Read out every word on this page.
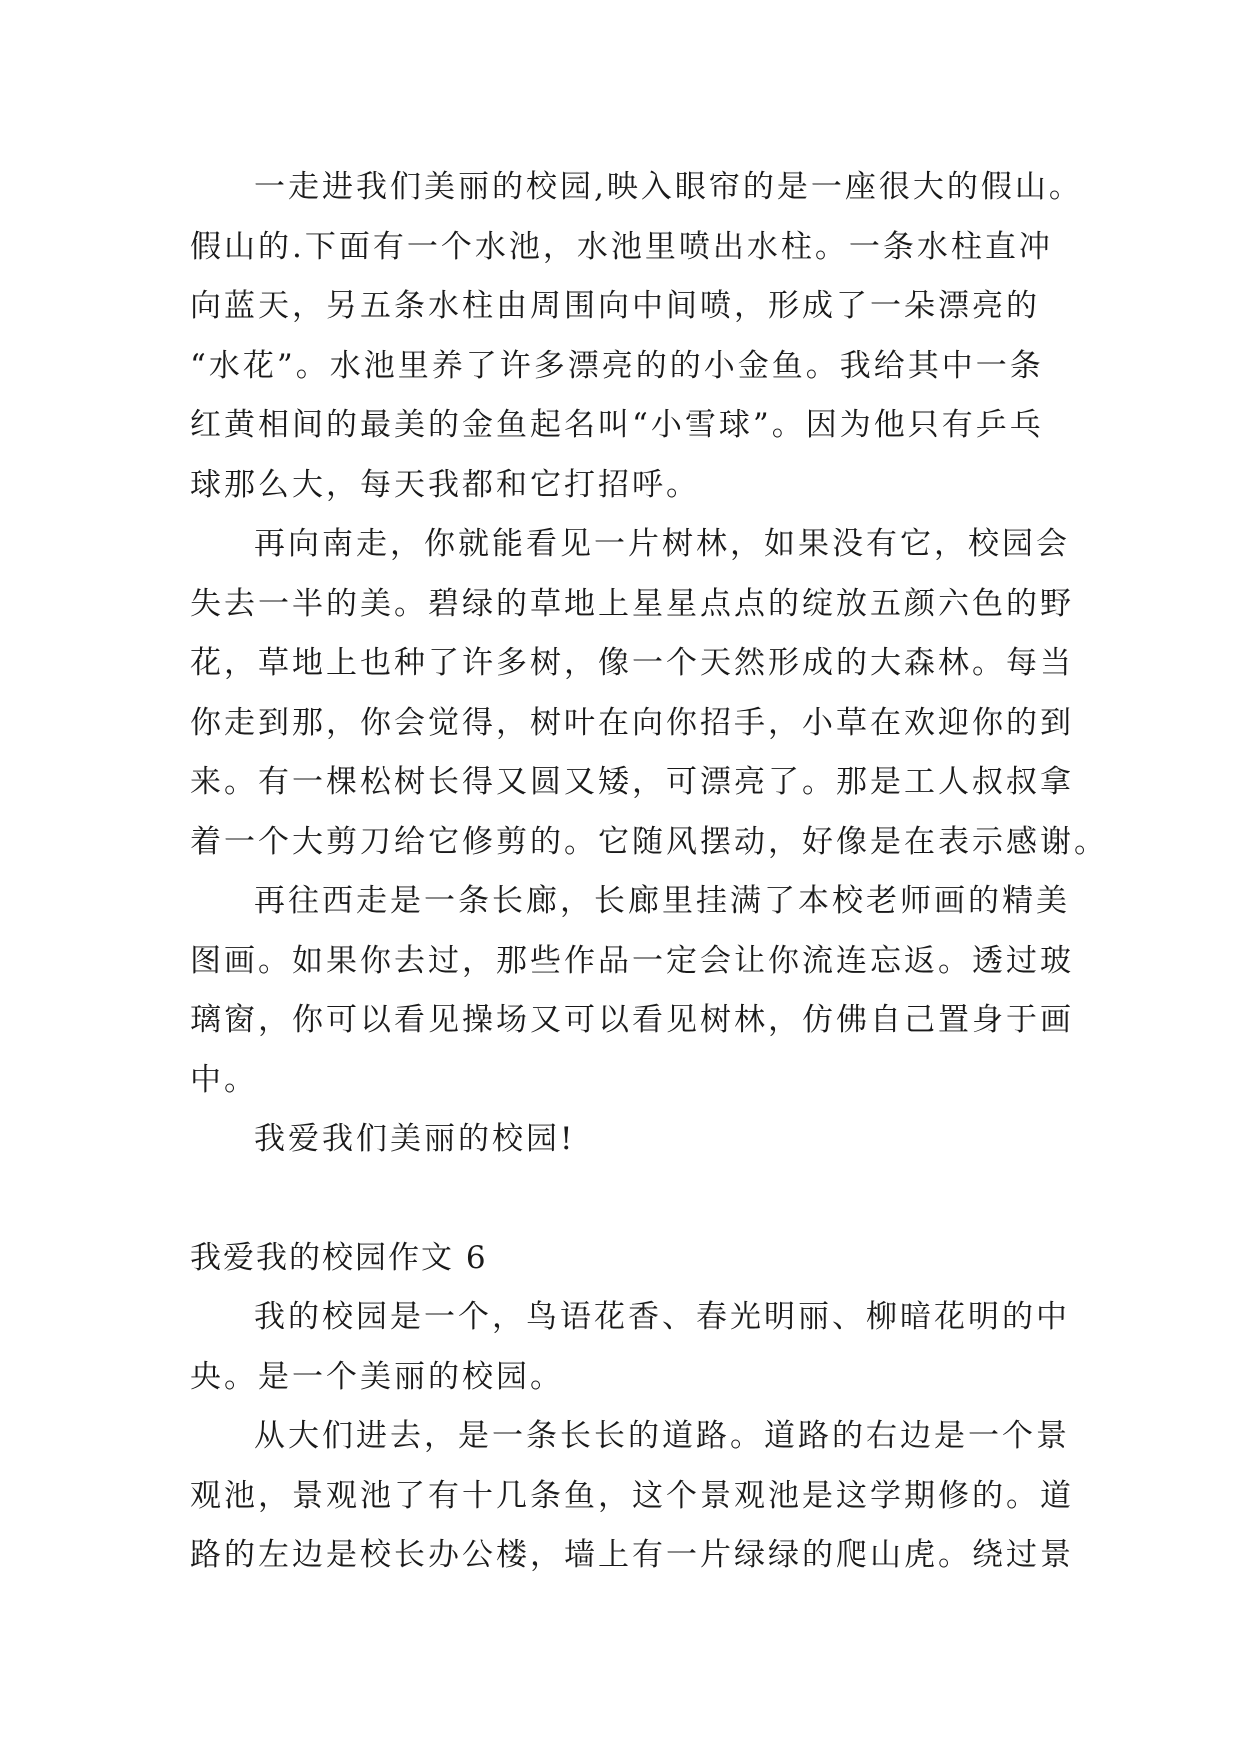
一走进我们美丽的校园,映入眼帘的是一座很大的假山。
假山的.下面有一个水池，水池里喷出水柱。一条水柱直冲
向蓝天，另五条水柱由周围向中间喷，形成了一朵漂亮的
“水花”。水池里养了许多漂亮的的小金鱼。我给其中一条
红黄相间的最美的金鱼起名叫“小雪球”。因为他只有乒乓
球那么大，每天我都和它打招呼。
再向南走，你就能看见一片树林，如果没有它，校园会
失去一半的美。碧绿的草地上星星点点的绽放五颜六色的野
花，草地上也种了许多树，像一个天然形成的大森林。每当
你走到那，你会觉得，树叶在向你招手，小草在欢迎你的到
来。有一棵松树长得又圆又矮，可漂亮了。那是工人叔叔拿
着一个大剪刀给它修剪的。它随风摆动，好像是在表示感谢。
再往西走是一条长廊，长廊里挂满了本校老师画的精美
图画。如果你去过，那些作品一定会让你流连忘返。透过玻
璃窗，你可以看见操场又可以看见树林，仿佛自己置身于画
中。
我爱我们美丽的校园!
我爱我的校园作文 6
我的校园是一个，鸟语花香、春光明丽、柳暗花明的中
央。是一个美丽的校园。
从大们进去，是一条长长的道路。道路的右边是一个景
观池，景观池了有十几条鱼，这个景观池是这学期修的。道
路的左边是校长办公楼，墙上有一片绿绿的爬山虎。绕过景
